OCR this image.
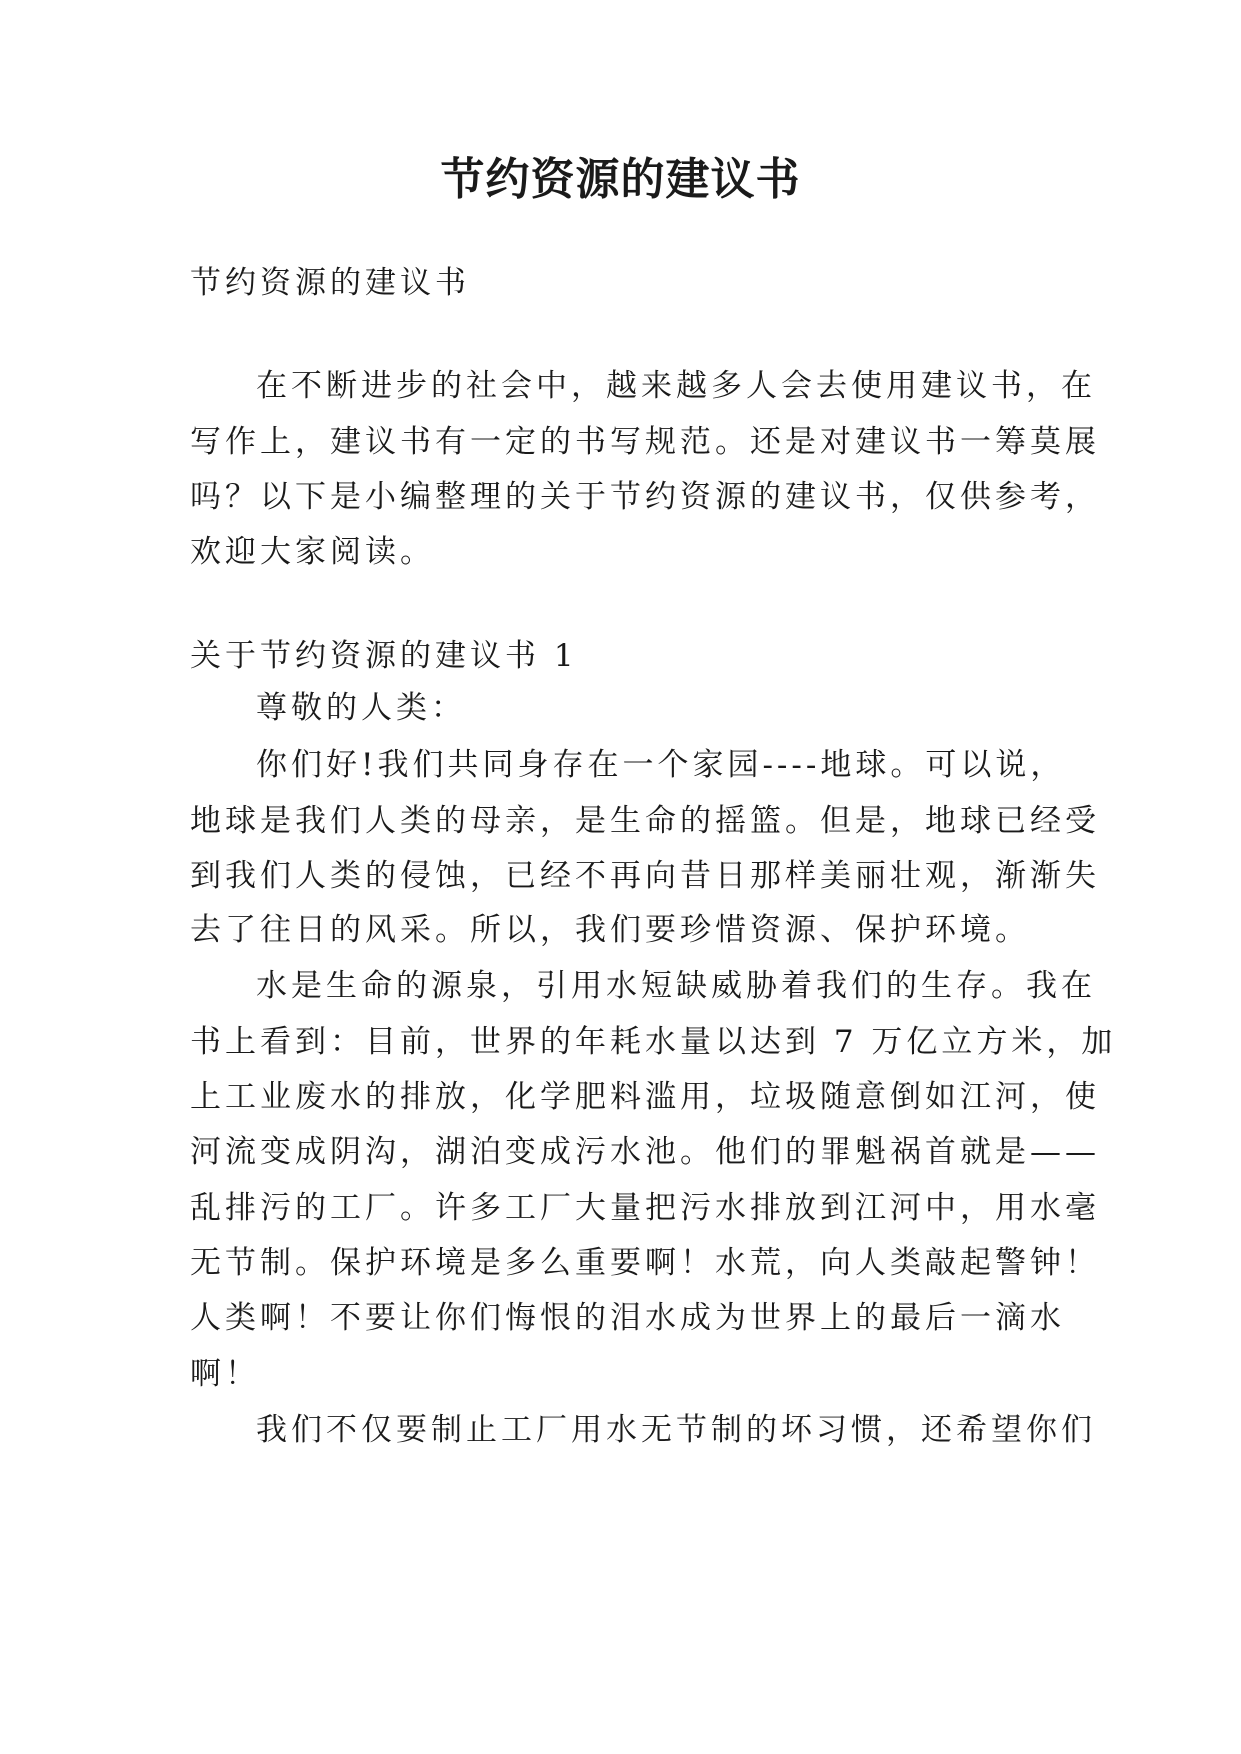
节约资源的建议书
节约资源的建议书
在不断进步的社会中，越来越多人会去使用建议书，在
写作上，建议书有一定的书写规范。还是对建议书一筹莫展
吗？以下是小编整理的关于节约资源的建议书，仅供参考，
欢迎大家阅读。
关于节约资源的建议书 1
尊敬的人类：
你们好!我们共同身存在一个家园----地球。可以说，
地球是我们人类的母亲，是生命的摇篮。但是，地球已经受
到我们人类的侵蚀，已经不再向昔日那样美丽壮观，渐渐失
去了往日的风采。所以，我们要珍惜资源、保护环境。
水是生命的源泉，引用水短缺威胁着我们的生存。我在
书上看到：目前，世界的年耗水量以达到 7 万亿立方米，加
上工业废水的排放，化学肥料滥用，垃圾随意倒如江河，使
河流变成阴沟，湖泊变成污水池。他们的罪魁祸首就是——
乱排污的工厂。许多工厂大量把污水排放到江河中，用水毫
无节制。保护环境是多么重要啊！水荒，向人类敲起警钟！
人类啊！不要让你们悔恨的泪水成为世界上的最后一滴水
啊！
我们不仅要制止工厂用水无节制的坏习惯，还希望你们
